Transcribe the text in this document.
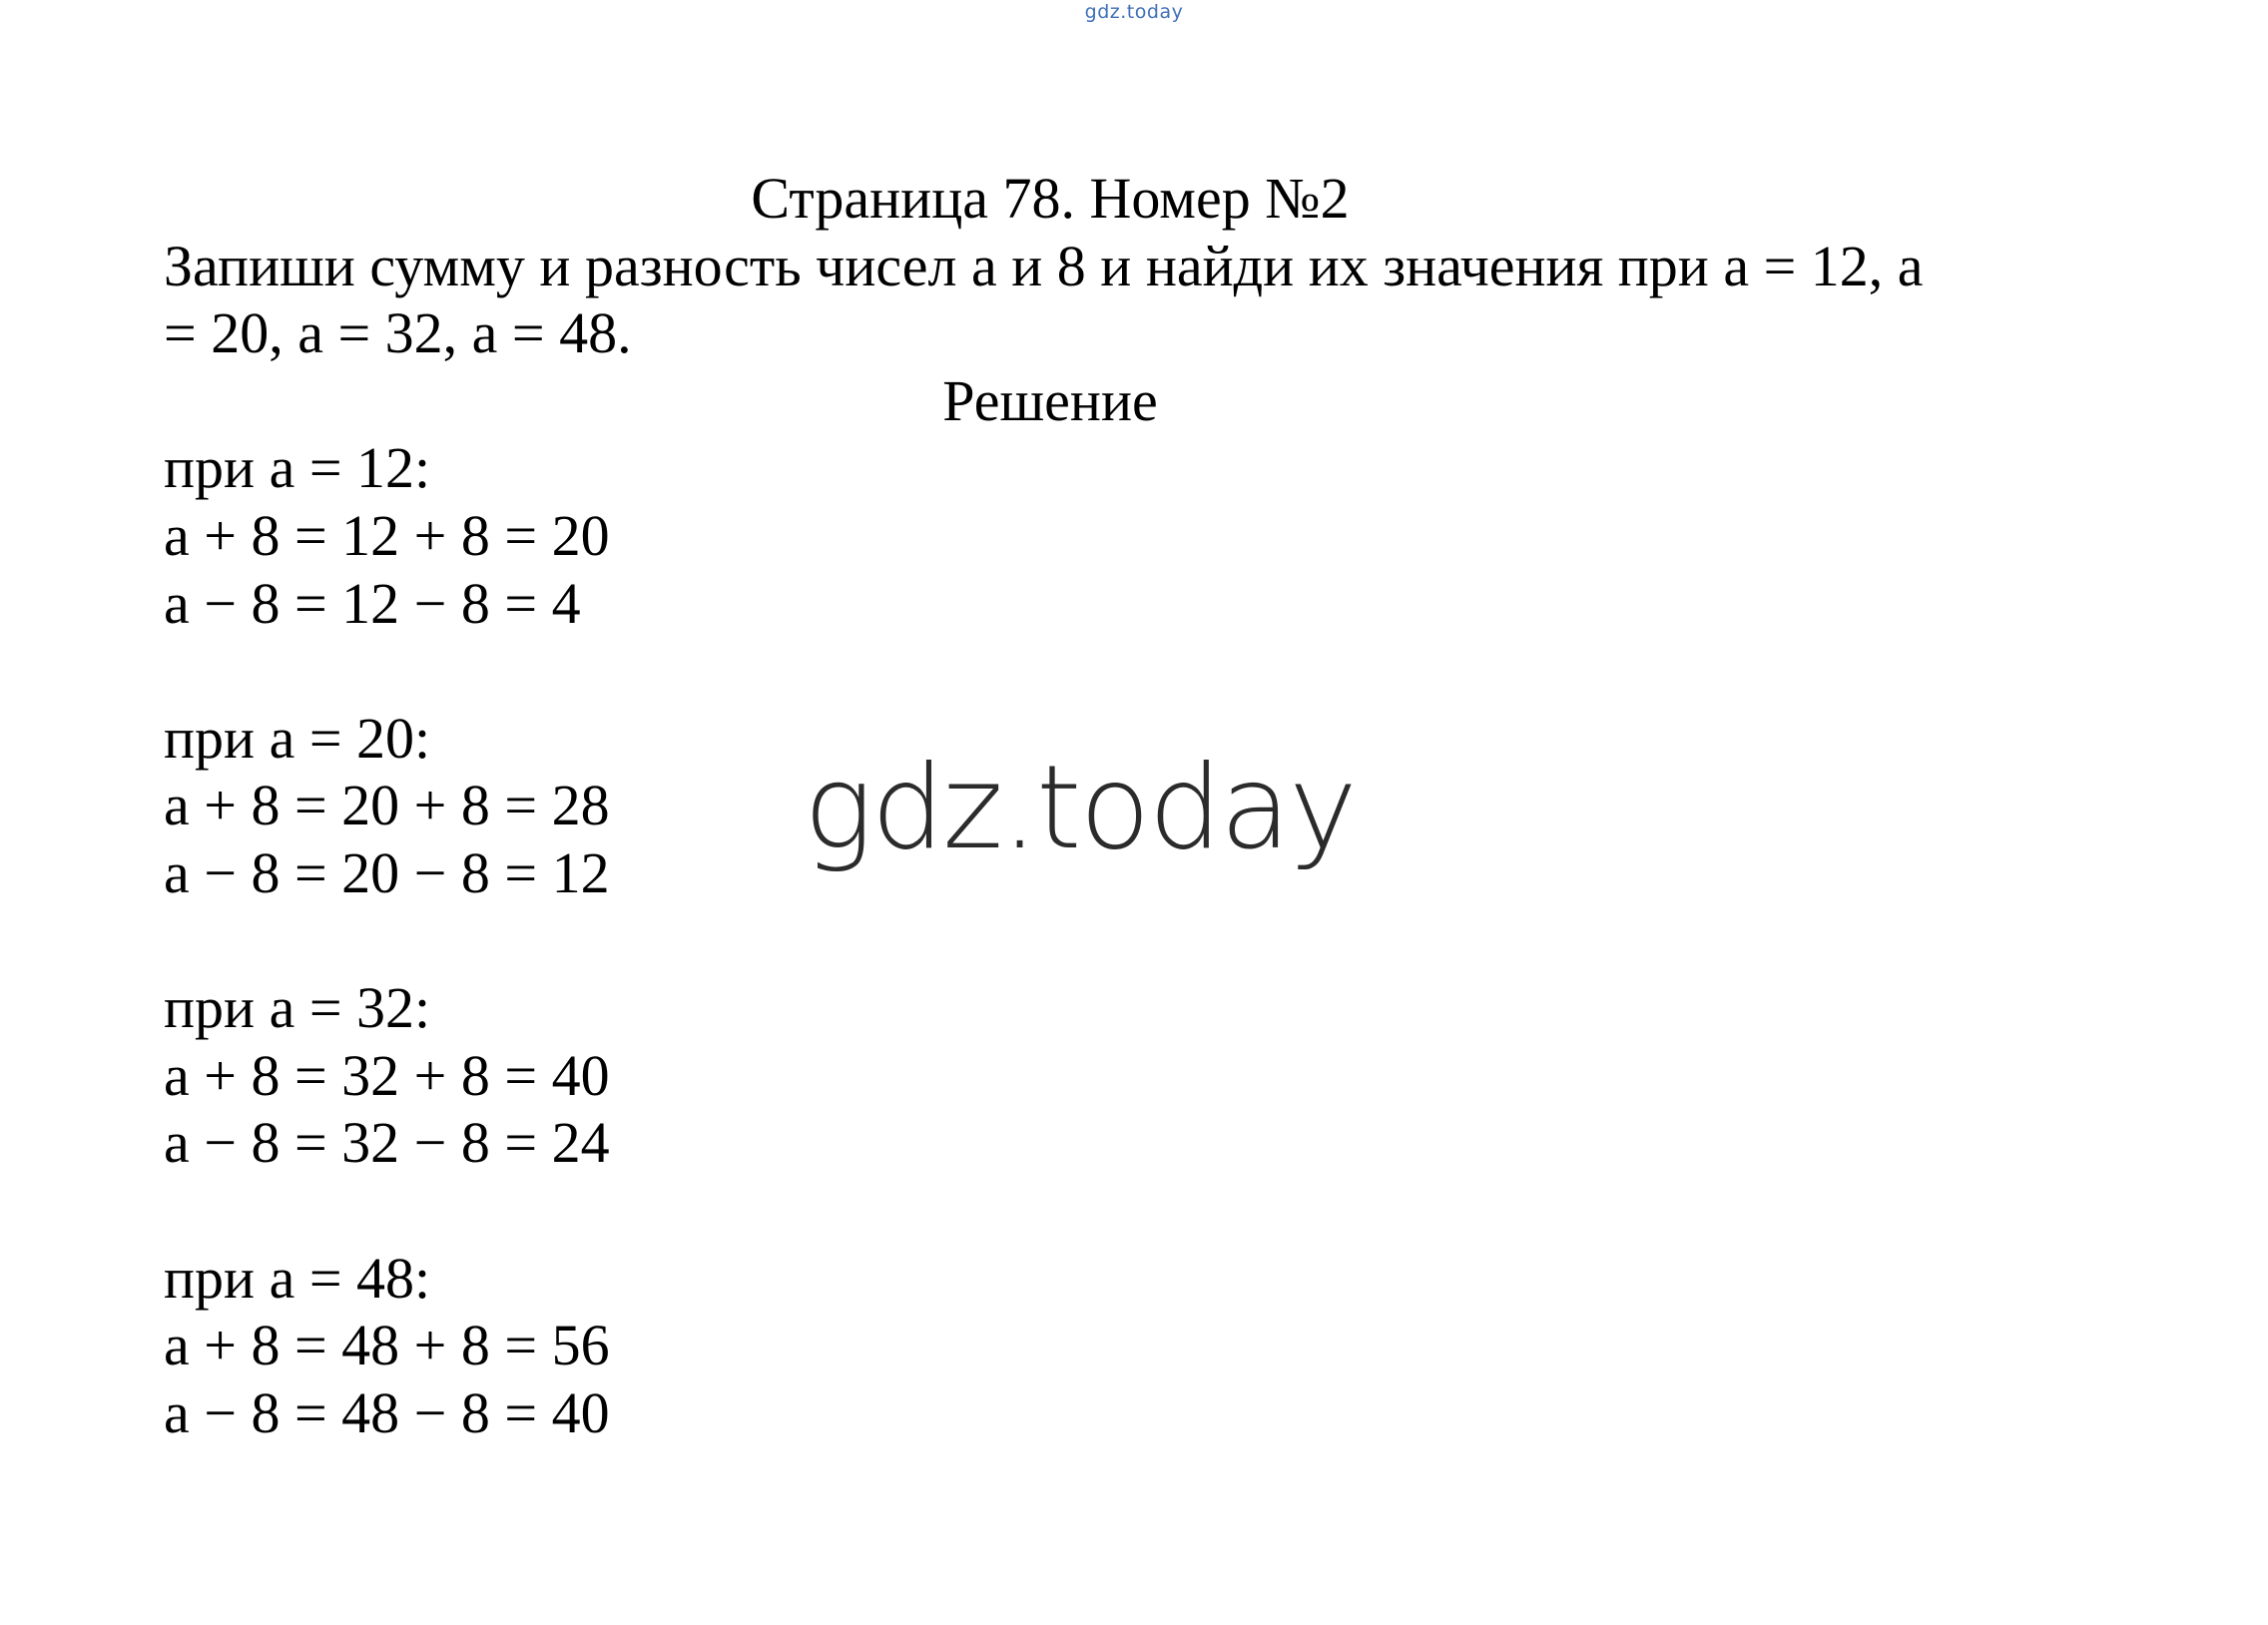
gdz.today
Страница 78. Номер №2
Запиши сумму и разность чисел а и 8 и найди их значения при а = 12, а
= 20, а = 32, а = 48.
Решение
при а = 12:
а + 8 = 12 + 8 = 20
а − 8 = 12 − 8 = 4
при а = 20:
а + 8 = 20 + 8 = 28
а − 8 = 20 − 8 = 12
при а = 32:
а + 8 = 32 + 8 = 40
а − 8 = 32 − 8 = 24
при а = 48:
а + 8 = 48 + 8 = 56
а − 8 = 48 − 8 = 40
gdz.today
